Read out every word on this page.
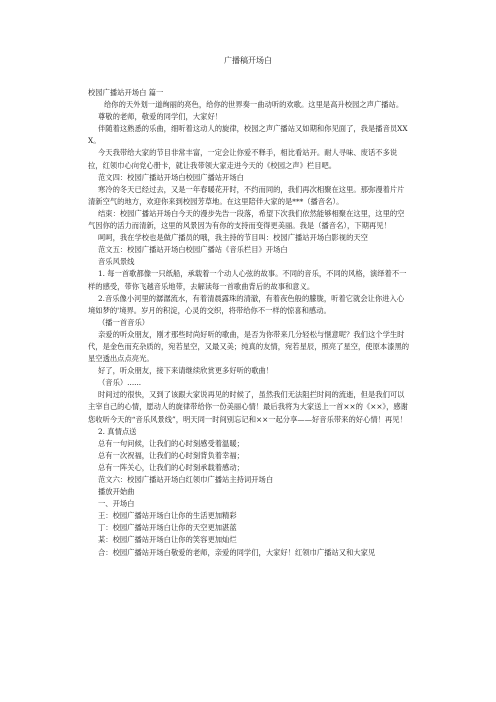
广播稿开场白

校园广播站开场白 篇一

给你的天外划一道绚丽的亮色，给你的世界奏一曲动听的欢歌。这里是高升校园之声广播站。

尊敬的老师，敬爱的同学们，大家好！

伴随着这熟悉的乐曲，细听着这动人的旋律，校园之声广播站又如期和你见面了，我是播音员XXX。

今天我带给大家的节目非常丰富，一定会让你爱不释手，相比看站开。耐人寻味、废话不多说拉，红领巾心向党心册卡，就让我带领大家走进今天的《校园之声》栏目吧。

范文四：校园广播站开场白校园广播站开场白

寒冷的冬天已经过去，又是一年春暖花开时，不约而同的，我们再次相聚在这里。那弥漫着片片清新空气的地方，欢迎你来到校园芳草地。在这里陪伴大家的是***（播音名）。

结束：校园广播站开场白今天的漫步先告一段落，希望下次我们依然能够相聚在这里，这里的空气因你的活力而清新，这里的风景因为有你的支持而变得更美丽。我是（播音名），下期再见！

呵呵，我在学校也是做广播员的哦，我主持的节目叫：校园广播站开场白影视的天空

范文五：校园广播站开场白校园广播站《音乐栏目》开场白

音乐风景线

1. 每一首歌都像一只纸船，承载着一个动人心弦的故事。不同的音乐，不同的风格，演绎着不一样的感受，带你飞越音乐地带，去解读每一首歌曲背后的故事和意义。

2.音乐像小河里的潺潺流水，有着清晨露珠的清澈，有着夜色般的朦胧，听着它就会让你进入心境如梦的'境界。岁月的积淀，心灵的交织，将带给你不一样的惊喜和感动。

（播一首音乐）

亲爱的听众朋友，刚才那些时尚好听的歌曲，是否为你带来几分轻松与惬意呢？我们这个学生时代，是金色而充杂质的，宛若星空，又最又美；纯真的友情，宛若星辰，照亮了星空，使原本漆黑的星空透出点点亮光。

好了，听众朋友，接下来请继续欣赏更多好听的歌曲！

（音乐）......

时间过的很快，又到了该跟大家说再见的时候了，虽然我们无法阻拦时间的流逝，但是我们可以主宰自己的心情，愿动人的旋律带给你一份美丽心情！最后我将为大家送上一首××的《××》，感谢您收听今天的“音乐风景线”，明天同一时间别忘记和××一起分享——好音乐带来的好心情！再见！

2. 真情点送

总有一句问候，让我们的心时刻感受着温暖；

总有一次祝福，让我们的心时刻背负着幸福；

总有一阵关心，让我们的心时刻承载着感动；

范文六：校园广播站开场白红领巾广播站主持词开场白

播放开始曲

一、开场白

王：校园广播站开场白让你的生活更加精彩

丁：校园广播站开场白让你的天空更加湛蓝

某：校园广播站开场白让你的笑容更加灿烂

合：校园广播站开场白敬爱的老师，亲爱的同学们，大家好！红领巾广播站又和大家见
